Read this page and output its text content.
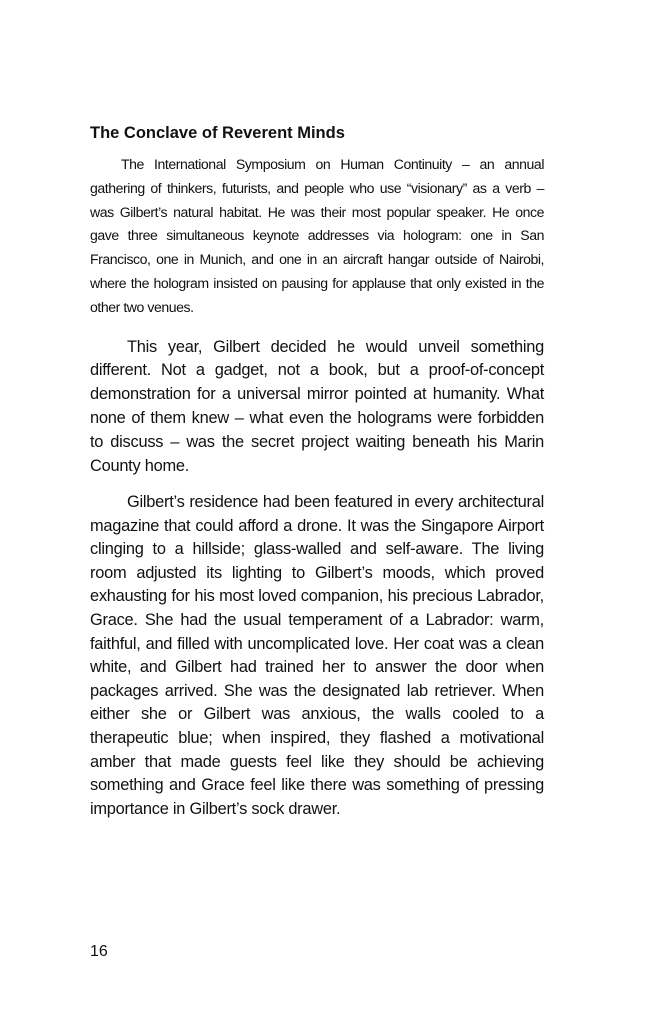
The Conclave of Reverent Minds

The International Symposium on Human Continuity – an annual gathering of thinkers, futurists, and people who use “visionary” as a verb – was Gilbert’s natural habitat. He was their most popular speaker. He once gave three simultaneous keynote addresses via hologram: one in San Francisco, one in Munich, and one in an aircraft hangar outside of Nairobi, where the hologram insisted on pausing for applause that only existed in the other two venues.

This year, Gilbert decided he would unveil something different. Not a gadget, not a book, but a proof-of-concept demonstration for a universal mirror pointed at humanity. What none of them knew – what even the holograms were forbidden to discuss – was the secret project waiting beneath his Marin County home.

Gilbert’s residence had been featured in every architectural magazine that could afford a drone. It was the Singapore Airport clinging to a hillside; glass-walled and self-aware. The living room adjusted its lighting to Gilbert’s moods, which proved exhausting for his most loved companion, his precious Labrador, Grace. She had the usual temperament of a Labrador: warm, faithful, and filled with uncomplicated love. Her coat was a clean white, and Gilbert had trained her to answer the door when packages arrived. She was the designated lab retriever. When either she or Gilbert was anxious, the walls cooled to a therapeutic blue; when inspired, they flashed a motivational amber that made guests feel like they should be achieving something and Grace feel like there was something of pressing importance in Gilbert’s sock drawer.

16
